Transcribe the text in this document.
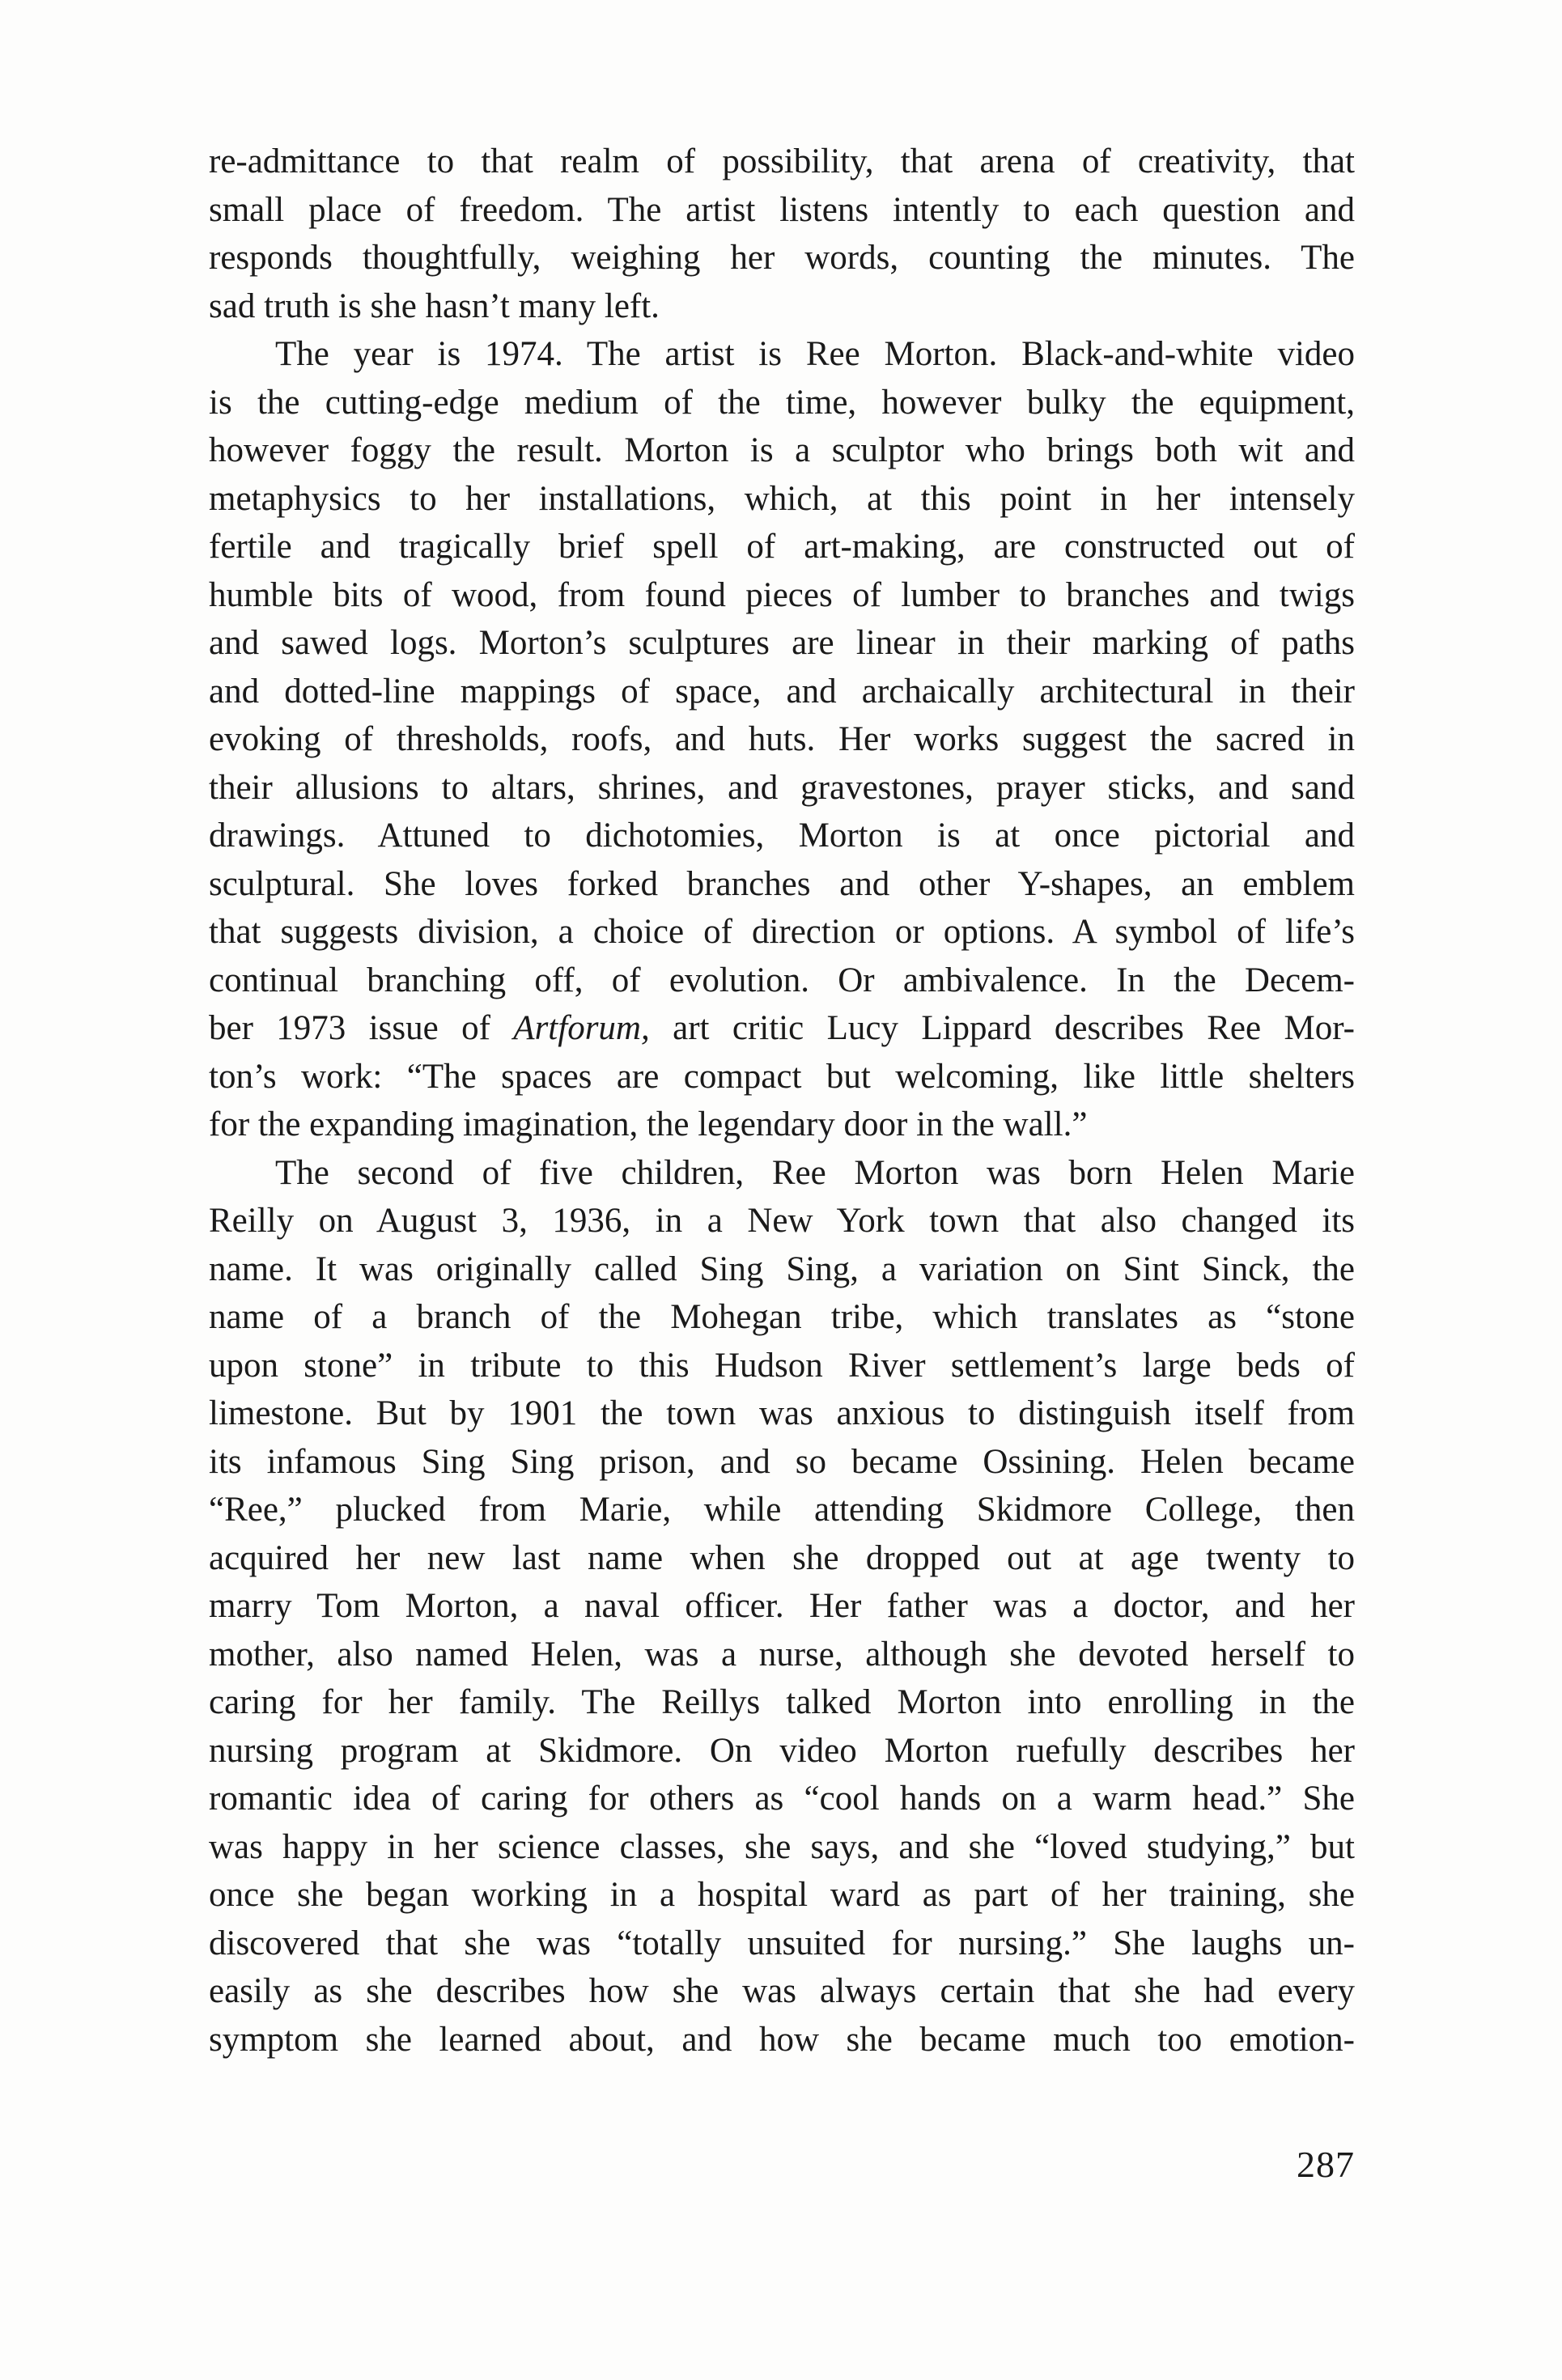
re-admittance to that realm of possibility, that arena of creativity, that
small place of freedom. The artist listens intently to each question and
responds thoughtfully, weighing her words, counting the minutes. The
sad truth is she hasn’t many left.

The year is 1974. The artist is Ree Morton. Black-and-white video
is the cutting-edge medium of the time, however bulky the equipment,
however foggy the result. Morton is a sculptor who brings both wit and
metaphysics to her installations, which, at this point in her intensely
fertile and tragically brief spell of art-making, are constructed out of
humble bits of wood, from found pieces of lumber to branches and twigs
and sawed logs. Morton’s sculptures are linear in their marking of paths
and dotted-line mappings of space, and archaically architectural in their
evoking of thresholds, roofs, and huts. Her works suggest the sacred in
their allusions to altars, shrines, and gravestones, prayer sticks, and sand
drawings. Attuned to dichotomies, Morton is at once pictorial and
sculptural. She loves forked branches and other Y-shapes, an emblem
that suggests division, a choice of direction or options. A symbol of life’s
continual branching off, of evolution. Or ambivalence. In the Decem-
ber 1973 issue of Artforum, art critic Lucy Lippard describes Ree Mor-
ton’s work: “The spaces are compact but welcoming, like little shelters
for the expanding imagination, the legendary door in the wall.”

The second of five children, Ree Morton was born Helen Marie
Reilly on August 3, 1936, in a New York town that also changed its
name. It was originally called Sing Sing, a variation on Sint Sinck, the
name of a branch of the Mohegan tribe, which translates as “stone
upon stone” in tribute to this Hudson River settlement’s large beds of
limestone. But by 1901 the town was anxious to distinguish itself from
its infamous Sing Sing prison, and so became Ossining. Helen became
“Ree,” plucked from Marie, while attending Skidmore College, then
acquired her new last name when she dropped out at age twenty to
marry Tom Morton, a naval officer. Her father was a doctor, and her
mother, also named Helen, was a nurse, although she devoted herself to
caring for her family. The Reillys talked Morton into enrolling in the
nursing program at Skidmore. On video Morton ruefully describes her
romantic idea of caring for others as “cool hands on a warm head.” She
was happy in her science classes, she says, and she “loved studying,” but
once she began working in a hospital ward as part of her training, she
discovered that she was “totally unsuited for nursing.” She laughs un-
easily as she describes how she was always certain that she had every
symptom she learned about, and how she became much too emotion-

287
